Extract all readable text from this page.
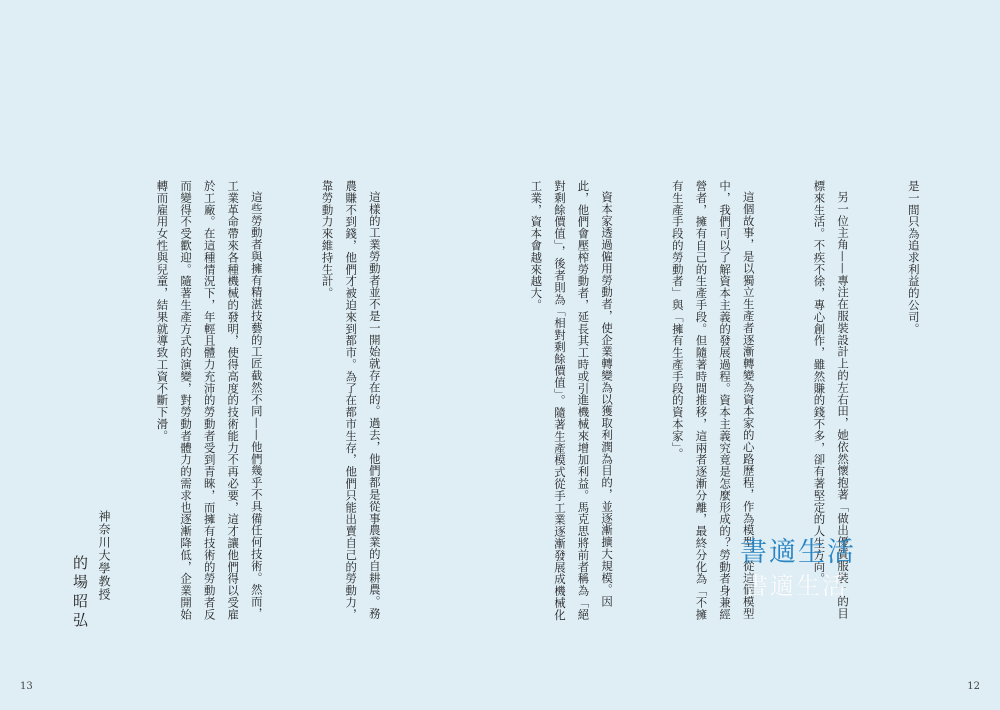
這樣的工業勞動者並不是一開始就存在的。過去，他們都是從事農業的自耕農。務農賺不到錢，他們才被迫來到都市。為了在都市生存，他們只能出賣自己的勞動力，靠勞動力來維持生計。

這些勞動者與擁有精湛技藝的工匠截然不同——他們幾乎不具備任何技術。然而，工業革命帶來各種機械的發明，使得高度的技術能力不再必要，這才讓他們得以受雇於工廠。在這種情況下，年輕且體力充沛的勞動者受到青睞，而擁有技術的勞動者反而變得不受歡迎。隨著生產方式的演變，對勞動者體力的需求也逐漸降低，企業開始轉而雇用女性與兒童，結果就導致工資不斷下滑。

神奈川大學教授
的場昭弘
13

是一間只為追求利益的公司。

另一位主角——專注在服裝設計上的左右田，她依然懷抱著「做出優質服裝」的目標來生活。不疾不徐，專心創作，雖然賺的錢不多，卻有著堅定的人生方向。

這個故事，是以獨立生產者逐漸轉變為資本家的心路歷程，作為模型。從這個模型中，我們可以了解資本主義的發展過程。資本主義究竟是怎麼形成的？勞動者身兼經營者，擁有自己的生產手段。但隨著時間推移，這兩者逐漸分離，最終分化為「不擁有生產手段的勞動者」與「擁有生產手段的資本家」。

資本家透過僱用勞動者，使企業轉變為以獲取利潤為目的，並逐漸擴大規模。因此，他們會壓榨勞動者，延長其工時或引進機械來增加利益。馬克思將前者稱為「絕對剩餘價值」，後者則為「相對剩餘價值」。隨著生產模式從手工業逐漸發展成機械化工業，資本會越來越大。

12
書適生活
書適生活
